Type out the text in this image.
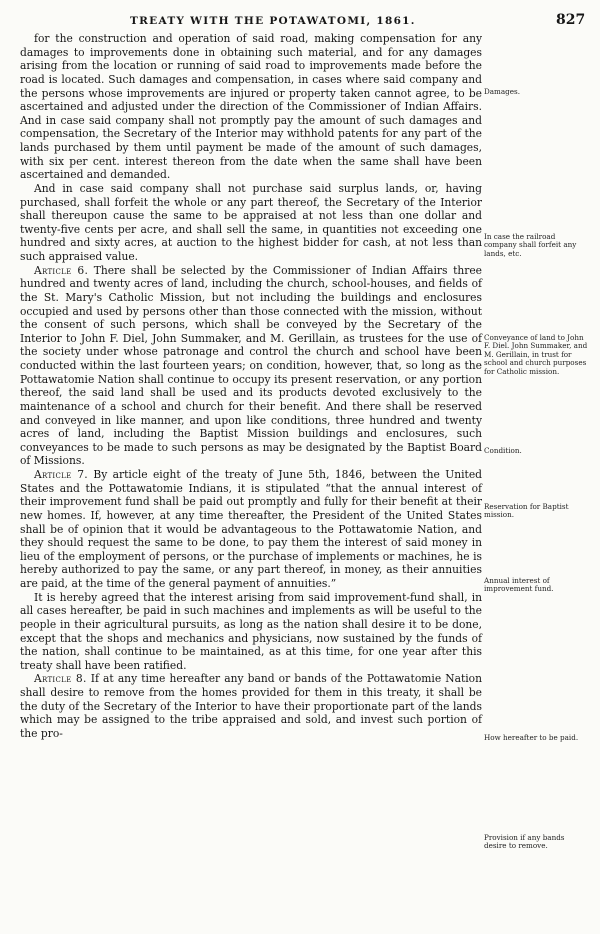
TREATY WITH THE POTAWATOMI, 1861.	827

for the construction and operation of said road, making compensation for any damages to improvements done in obtaining such material, and for any damages arising from the location or running of said road to improvements made before the road is located. Such damages and compensation, in cases where said company and the persons whose improvements are injured or property taken cannot agree, to be ascertained and adjusted under the direction of the Commissioner of Indian Affairs. And in case said company shall not promptly pay the amount of such damages and compensation, the Secretary of the Interior may withhold patents for any part of the lands purchased by them until payment be made of the amount of such damages, with six per cent. interest thereon from the date when the same shall have been ascertained and demanded.

And in case said company shall not purchase said surplus lands, or, having purchased, shall forfeit the whole or any part thereof, the Secretary of the Interior shall thereupon cause the same to be appraised at not less than one dollar and twenty-five cents per acre, and shall sell the same, in quantities not exceeding one hundred and sixty acres, at auction to the highest bidder for cash, at not less than such appraised value.

Article 6. There shall be selected by the Commissioner of Indian Affairs three hundred and twenty acres of land, including the church, school-houses, and fields of the St. Mary's Catholic Mission, but not including the buildings and enclosures occupied and used by persons other than those connected with the mission, without the consent of such persons, which shall be conveyed by the Secretary of the Interior to John F. Diel, John Summaker, and M. Gerillain, as trustees for the use of the society under whose patronage and control the church and school have been conducted within the last fourteen years; on condition, however, that, so long as the Pottawatomie Nation shall continue to occupy its present reservation, or any portion thereof, the said land shall be used and its products devoted exclusively to the maintenance of a school and church for their benefit. And there shall be reserved and conveyed in like manner, and upon like conditions, three hundred and twenty acres of land, including the Baptist Mission buildings and enclosures, such conveyances to be made to such persons as may be designated by the Baptist Board of Missions.

Article 7. By article eight of the treaty of June 5th, 1846, between the United States and the Pottawatomie Indians, it is stipulated “that the annual interest of their improvement fund shall be paid out promptly and fully for their benefit at their new homes. If, however, at any time thereafter, the President of the United States shall be of opinion that it would be advantageous to the Pottawatomie Nation, and they should request the same to be done, to pay them the interest of said money in lieu of the employment of persons, or the purchase of implements or machines, he is hereby authorized to pay the same, or any part thereof, in money, as their annuities are paid, at the time of the general payment of annuities.”

It is hereby agreed that the interest arising from said improvement-fund shall, in all cases hereafter, be paid in such machines and implements as will be useful to the people in their agricultural pursuits, as long as the nation shall desire it to be done, except that the shops and mechanics and physicians, now sustained by the funds of the nation, shall continue to be maintained, as at this time, for one year after this treaty shall have been ratified.

Article 8. If at any time hereafter any band or bands of the Pottawatomie Nation shall desire to remove from the homes provided for them in this treaty, it shall be the duty of the Secretary of the Interior to have their proportionate part of the lands which may be assigned to the tribe appraised and sold, and invest such portion of the pro-

Damages.
In case the railroad company shall forfeit any lands, etc.
Conveyance of land to John F. Diel. John Summaker, and M. Gerillain, in trust for school and church purposes for Catholic mission.
Condition.
Reservation for Baptist mission.
Annual interest of improvement fund.
How hereafter to be paid.
Provision if any bands desire to remove.
